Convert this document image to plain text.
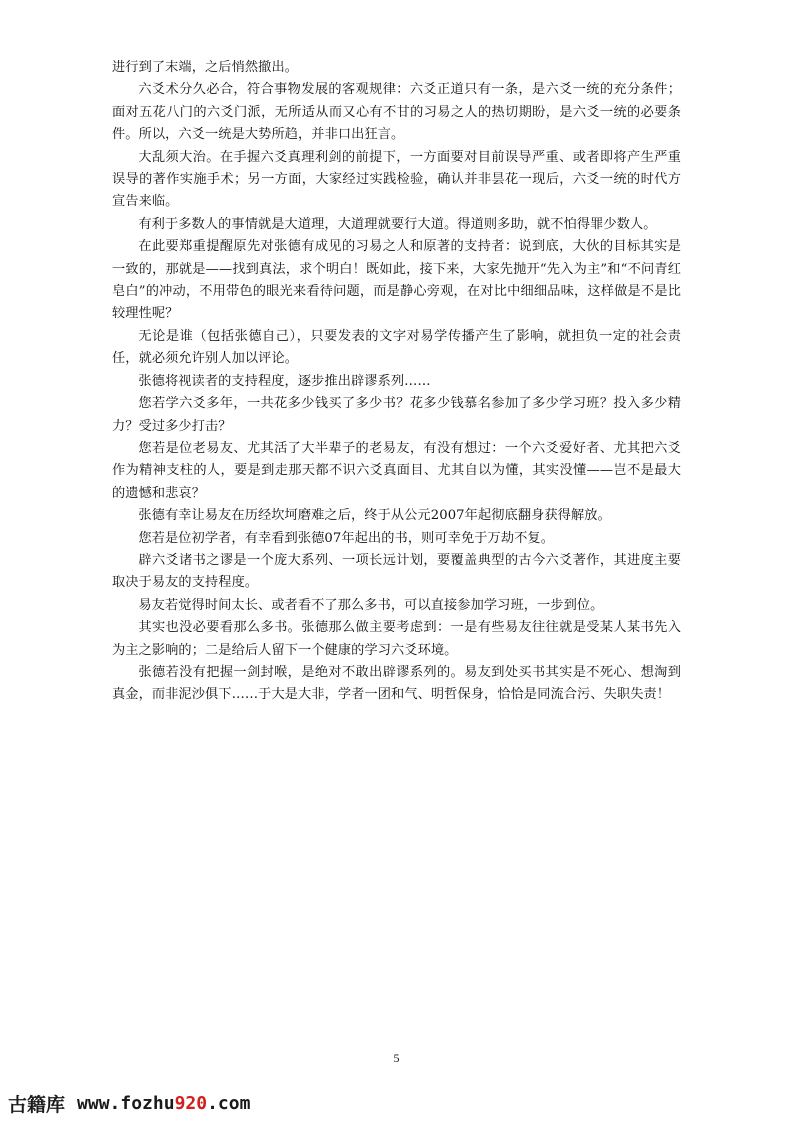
进行到了末端，之后悄然撤出。

六爻术分久必合，符合事物发展的客观规律：六爻正道只有一条，是六爻一统的充分条件；面对五花八门的六爻门派，无所适从而又心有不甘的习易之人的热切期盼，是六爻一统的必要条件。所以，六爻一统是大势所趋，并非口出狂言。

大乱须大治。在手握六爻真理利剑的前提下，一方面要对目前误导严重、或者即将产生严重误导的著作实施手术；另一方面，大家经过实践检验，确认并非昙花一现后，六爻一统的时代方宣告来临。

有利于多数人的事情就是大道理，大道理就要行大道。得道则多助，就不怕得罪少数人。

在此要郑重提醒原先对张德有成见的习易之人和原著的支持者：说到底，大伙的目标其实是一致的，那就是——找到真法，求个明白！既如此，接下来，大家先抛开“先入为主”和“不问青红皂白”的冲动，不用带色的眼光来看待问题，而是静心旁观，在对比中细细品味，这样做是不是比较理性呢？

无论是谁（包括张德自己），只要发表的文字对易学传播产生了影响，就担负一定的社会责任，就必须允许别人加以评论。

张德将视读者的支持程度，逐步推出辟谬系列……

您若学六爻多年，一共花多少钱买了多少书？花多少钱慕名参加了多少学习班？投入多少精力？受过多少打击？

您若是位老易友、尤其活了大半辈子的老易友，有没有想过：一个六爻爱好者、尤其把六爻作为精神支柱的人，要是到走那天都不识六爻真面目、尤其自以为懂，其实没懂——岂不是最大的遗憾和悲哀？

张德有幸让易友在历经坎坷磨难之后，终于从公元2007年起彻底翻身获得解放。

您若是位初学者，有幸看到张德07年起出的书，则可幸免于万劫不复。

辟六爻诸书之谬是一个庞大系列、一项长远计划，要覆盖典型的古今六爻著作，其进度主要取决于易友的支持程度。

易友若觉得时间太长、或者看不了那么多书，可以直接参加学习班，一步到位。

其实也没必要看那么多书。张德那么做主要考虑到：一是有些易友往往就是受某人某书先入为主之影响的；二是给后人留下一个健康的学习六爻环境。

张德若没有把握一剑封喉，是绝对不敢出辟谬系列的。易友到处买书其实是不死心、想淘到真金，而非泥沙俱下……于大是大非，学者一团和气、明哲保身，恰恰是同流合污、失职失责！

5
古籍库 www.fozhu 920 .com
